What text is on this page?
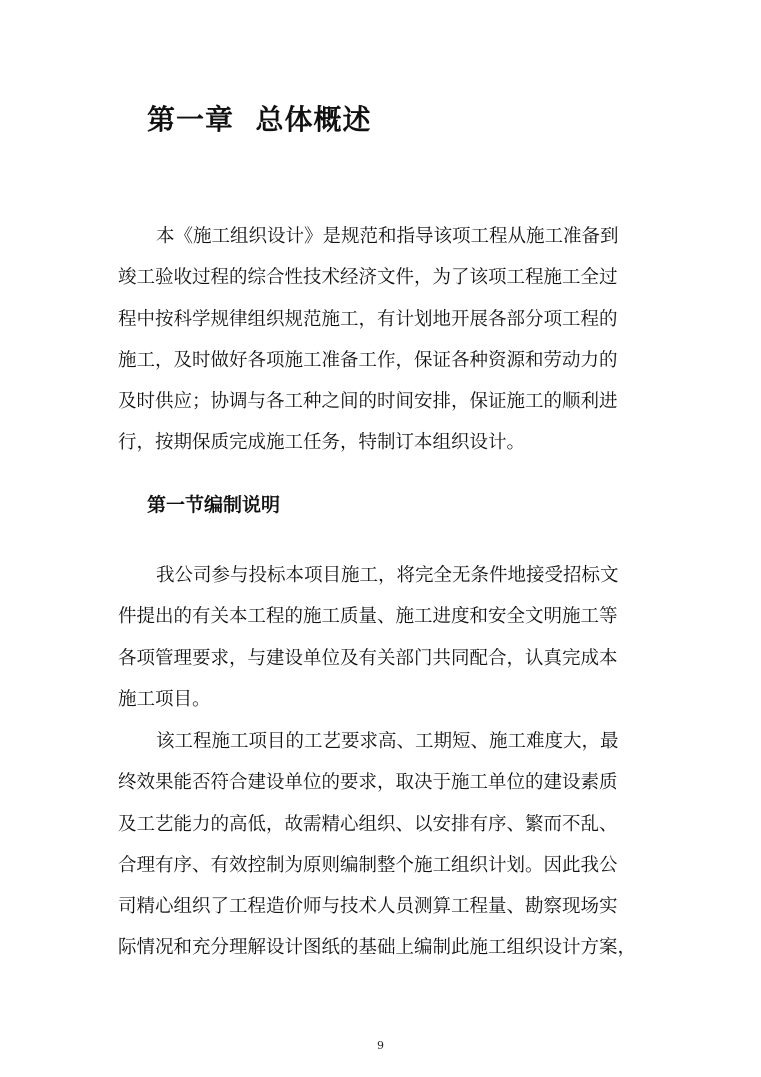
第一章  总体概述
本《施工组织设计》是规范和指导该项工程从施工准备到
竣工验收过程的综合性技术经济文件，为了该项工程施工全过
程中按科学规律组织规范施工，有计划地开展各部分项工程的
施工，及时做好各项施工准备工作，保证各种资源和劳动力的
及时供应；协调与各工种之间的时间安排，保证施工的顺利进
行，按期保质完成施工任务，特制订本组织设计。
第一节编制说明
我公司参与投标本项目施工，将完全无条件地接受招标文
件提出的有关本工程的施工质量、施工进度和安全文明施工等
各项管理要求，与建设单位及有关部门共同配合，认真完成本
施工项目。
该工程施工项目的工艺要求高、工期短、施工难度大，最
终效果能否符合建设单位的要求，取决于施工单位的建设素质
及工艺能力的高低，故需精心组织、以安排有序、繁而不乱、
合理有序、有效控制为原则编制整个施工组织计划。因此我公
司精心组织了工程造价师与技术人员测算工程量、勘察现场实
际情况和充分理解设计图纸的基础上编制此施工组织设计方案，
9
